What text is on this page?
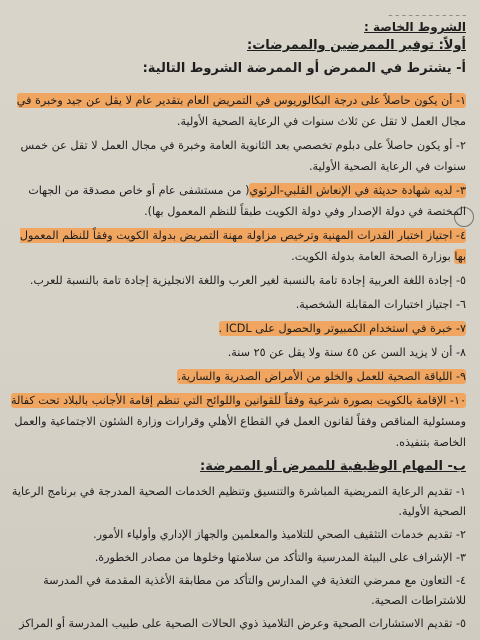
ـ ـ ـ ـ ـ ـ ـ ـ ـ ـ ـ ـ
الشروط الخاصة :
أولاً: توفير الممرضين والممرضات:
أ- يشترط في الممرض أو الممرضة الشروط التالية:

١- أن يكون حاصلاً على درجة البكالوريوس في التمريض العام بتقدير عام لا يقل عن جيد وخبرة في مجال العمل لا تقل عن ثلاث سنوات في الرعاية الصحية الأولية.

٢- أو يكون حاصلاً على دبلوم تخصصي بعد الثانوية العامة وخبرة في مجال العمل لا تقل عن خمس سنوات في الرعاية الصحية الأولية.

٣- لديه شهادة حديثة في الإنعاش القلبي-الرئوي( من مستشفى عام أو خاص مصدقة من الجهات المختصة في دولة الإصدار وفي دولة الكويت طبقاً للنظم المعمول بها).

٤- اجتياز اختبار القدرات المهنية وترخيص مزاولة مهنة التمريض بدولة الكويت وفقاً للنظم المعمول بها بوزارة الصحة العامة بدولة الكويت.

٥- إجادة اللغة العربية إجادة تامة بالنسبة لغير العرب واللغة الانجليزية إجادة تامة بالنسبة للعرب.

٦- اجتياز اختبارات المقابلة الشخصية.

٧- خبرة في استخدام الكمبيوتر والحصول على ICDL .

٨- أن لا يزيد السن عن ٤٥ سنة ولا يقل عن ٢٥ سنة.

٩- اللياقة الصحية للعمل والخلو من الأمراض الصدرية والسارية.

١٠- الإقامة بالكويت بصورة شرعية وفقاً للقوانين واللوائح التي تنظم إقامة الأجانب بالبلاد تحت كفالة ومسئولية المناقص وفقاً لقانون العمل في القطاع الأهلي وقرارات وزارة الشئون الاجتماعية والعمل الخاصة بتنفيذه.

ب- المهام الوظيفية للممرض أو الممرضة:

١- تقديم الرعاية التمريضية المباشرة والتنسيق وتنظيم الخدمات الصحية المدرجة في برنامج الرعاية الصحية الأولية.

٢- تقديم خدمات التثقيف الصحي للتلاميذ والمعلمين والجهاز الإداري وأولياء الأمور.

٣- الإشراف على البيئة المدرسية والتأكد من سلامتها وخلوها من مصادر الخطورة.

٤- التعاون مع ممرضي التغذية في المدارس والتأكد من مطابقة الأغذية المقدمة في المدرسة للاشتراطات الصحية.

٥- تقديم الاستشارات الصحية وعرض التلاميذ ذوي الحالات الصحية على طبيب المدرسة أو المراكز
